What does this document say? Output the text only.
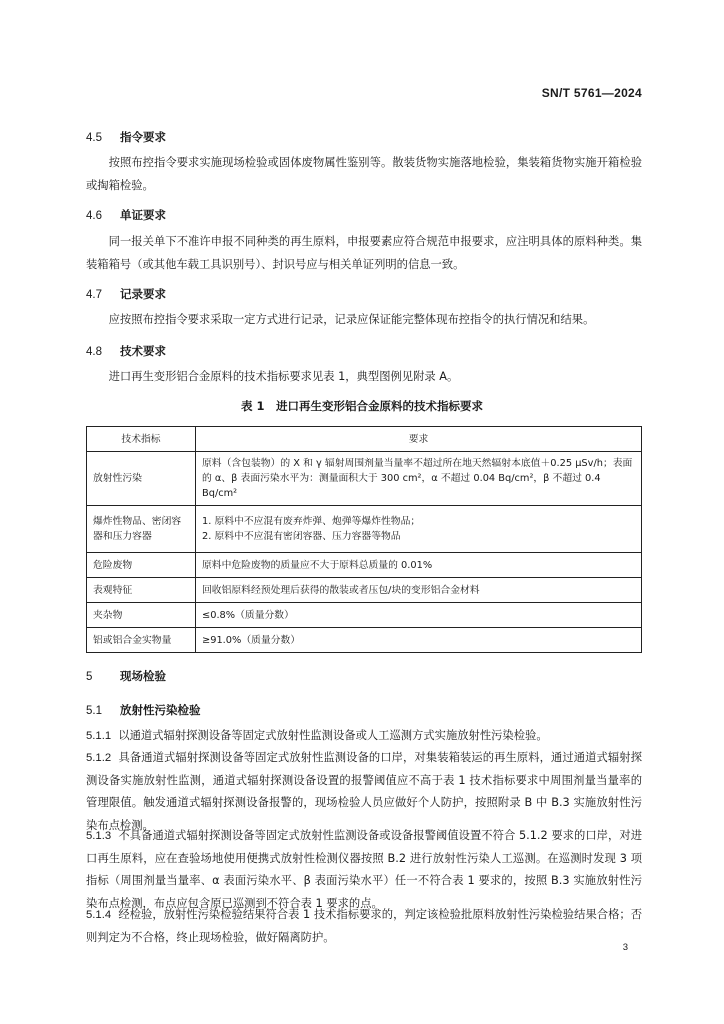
SN/T 5761—2024
4.5 指令要求
按照布控指令要求实施现场检验或固体废物属性鉴别等。散装货物实施落地检验，集装箱货物实施开箱检验或掏箱检验。
4.6 单证要求
同一报关单下不准许申报不同种类的再生原料，申报要素应符合规范申报要求，应注明具体的原料种类。集装箱箱号（或其他车载工具识别号）、封识号应与相关单证列明的信息一致。
4.7 记录要求
应按照布控指令要求采取一定方式进行记录，记录应保证能完整体现布控指令的执行情况和结果。
4.8 技术要求
进口再生变形铝合金原料的技术指标要求见表 1，典型图例见附录 A。
表 1　进口再生变形铝合金原料的技术指标要求
技术指标	要求
放射性污染	原料（含包装物）的 X 和 γ 辐射周围剂量当量率不超过所在地天然辐射本底值＋0.25 μSv/h；表面的 α、β 表面污染水平为：测量面积大于 300 cm²，α 不超过 0.04 Bq/cm²，β 不超过 0.4 Bq/cm²
爆炸性物品、密闭容器和压力容器	1. 原料中不应混有废弃炸弹、炮弹等爆炸性物品；
2. 原料中不应混有密闭容器、压力容器等物品
危险废物	原料中危险废物的质量应不大于原料总质量的 0.01%
表观特征	回收铝原料经预处理后获得的散装或者压包/块的变形铝合金材料
夹杂物	≤0.8%（质量分数）
铝或铝合金实物量	≥91.0%（质量分数）
5 现场检验
5.1 放射性污染检验
5.1.1 以通道式辐射探测设备等固定式放射性监测设备或人工巡测方式实施放射性污染检验。
5.1.2 具备通道式辐射探测设备等固定式放射性监测设备的口岸，对集装箱装运的再生原料，通过通道式辐射探测设备实施放射性监测，通道式辐射探测设备设置的报警阈值应不高于表 1 技术指标要求中周围剂量当量率的管理限值。触发通道式辐射探测设备报警的，现场检验人员应做好个人防护，按照附录 B 中 B.3 实施放射性污染布点检测。
5.1.3 不具备通道式辐射探测设备等固定式放射性监测设备或设备报警阈值设置不符合 5.1.2 要求的口岸，对进口再生原料，应在查验场地使用便携式放射性检测仪器按照 B.2 进行放射性污染人工巡测。在巡测时发现 3 项指标（周围剂量当量率、α 表面污染水平、β 表面污染水平）任一不符合表 1 要求的，按照 B.3 实施放射性污染布点检测，布点应包含原已巡测到不符合表 1 要求的点。
5.1.4 经检验，放射性污染检验结果符合表 1 技术指标要求的，判定该检验批原料放射性污染检验结果合格；否则判定为不合格，终止现场检验，做好隔离防护。
3
